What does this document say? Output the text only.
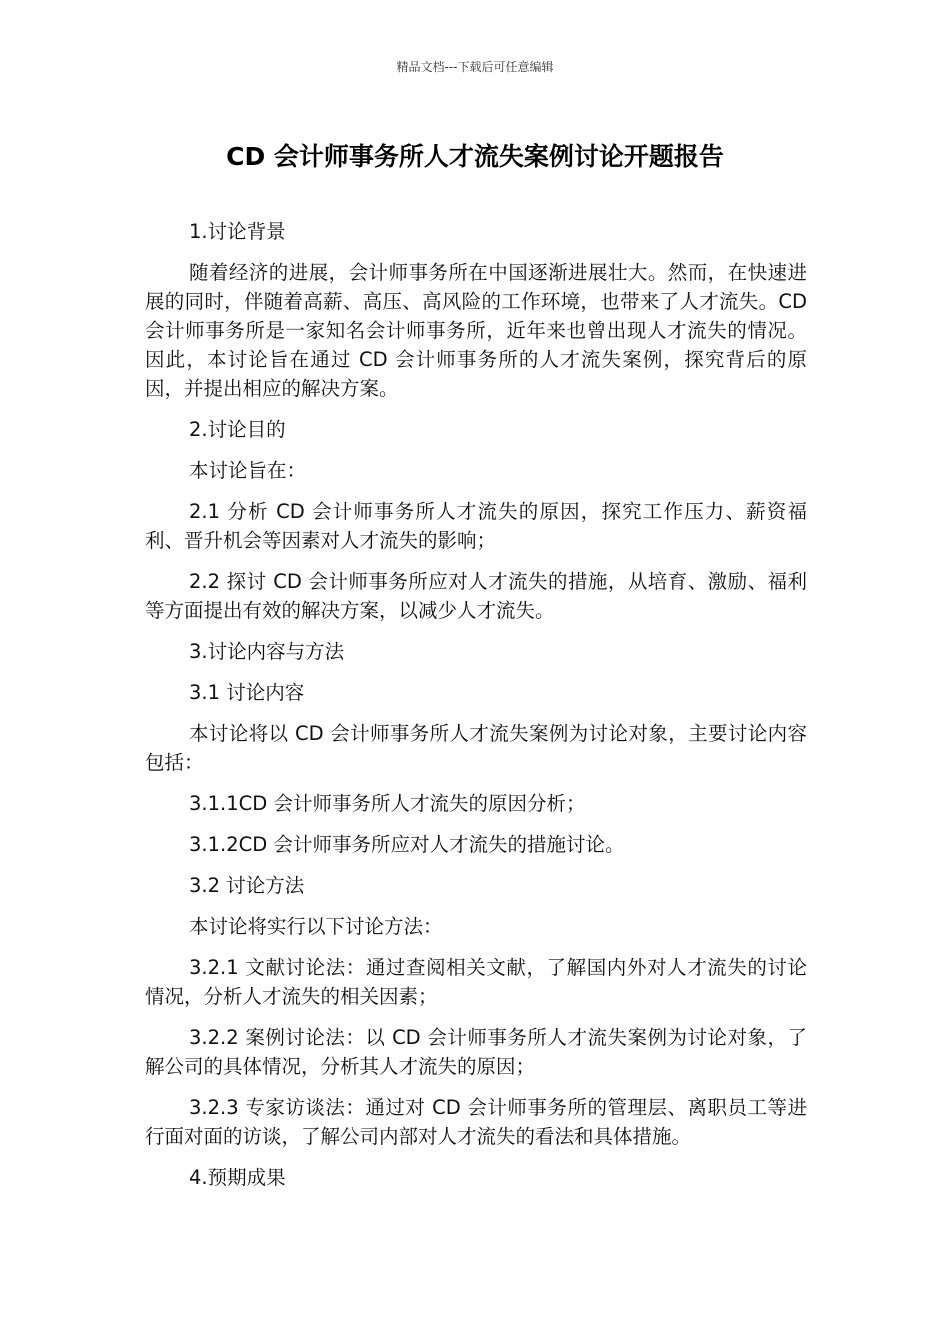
精品文档---下载后可任意编辑
CD 会计师事务所人才流失案例讨论开题报告

1.讨论背景

随着经济的进展，会计师事务所在中国逐渐进展壮大。然而，在快速进展的同时，伴随着高薪、高压、高风险的工作环境，也带来了人才流失。CD 会计师事务所是一家知名会计师事务所，近年来也曾出现人才流失的情况。因此，本讨论旨在通过 CD 会计师事务所的人才流失案例，探究背后的原因，并提出相应的解决方案。

2.讨论目的

本讨论旨在：

2.1 分析 CD 会计师事务所人才流失的原因，探究工作压力、薪资福利、晋升机会等因素对人才流失的影响；

2.2 探讨 CD 会计师事务所应对人才流失的措施，从培育、激励、福利等方面提出有效的解决方案，以减少人才流失。

3.讨论内容与方法

3.1 讨论内容

本讨论将以 CD 会计师事务所人才流失案例为讨论对象，主要讨论内容包括：

3.1.1CD 会计师事务所人才流失的原因分析；

3.1.2CD 会计师事务所应对人才流失的措施讨论。

3.2 讨论方法

本讨论将实行以下讨论方法：

3.2.1 文献讨论法：通过查阅相关文献，了解国内外对人才流失的讨论情况，分析人才流失的相关因素；

3.2.2 案例讨论法：以 CD 会计师事务所人才流失案例为讨论对象，了解公司的具体情况，分析其人才流失的原因；

3.2.3 专家访谈法：通过对 CD 会计师事务所的管理层、离职员工等进行面对面的访谈，了解公司内部对人才流失的看法和具体措施。

4.预期成果
